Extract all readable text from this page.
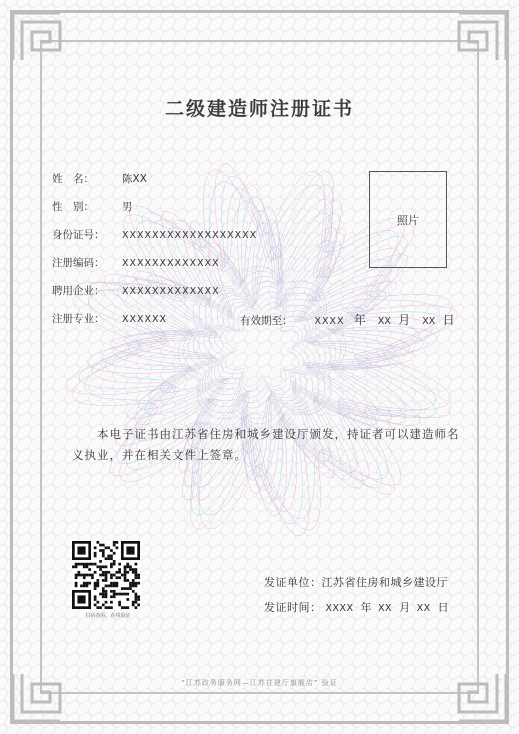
二级建造师注册证书
姓　名：	陈XX
性　别：	男
身份证号： XXXXXXXXXXXXXXXXXX
注册编码： XXXXXXXXXXXXX
聘用企业： XXXXXXXXXXXXX
注册专业： XXXXXX	有效期至： XXXX 年 XX 月 XX 日
照片
本电子证书由江苏省住房和城乡建设厅颁发，持证者可以建造师名义执业，并在相关文件上签章。
扫码查看，在线验证
发证单位：江苏省住房和城乡建设厅
发证时间： XXXX 年 XX 月 XX 日
“江苏政务服务网—江苏住建厅旗舰店” 验证
